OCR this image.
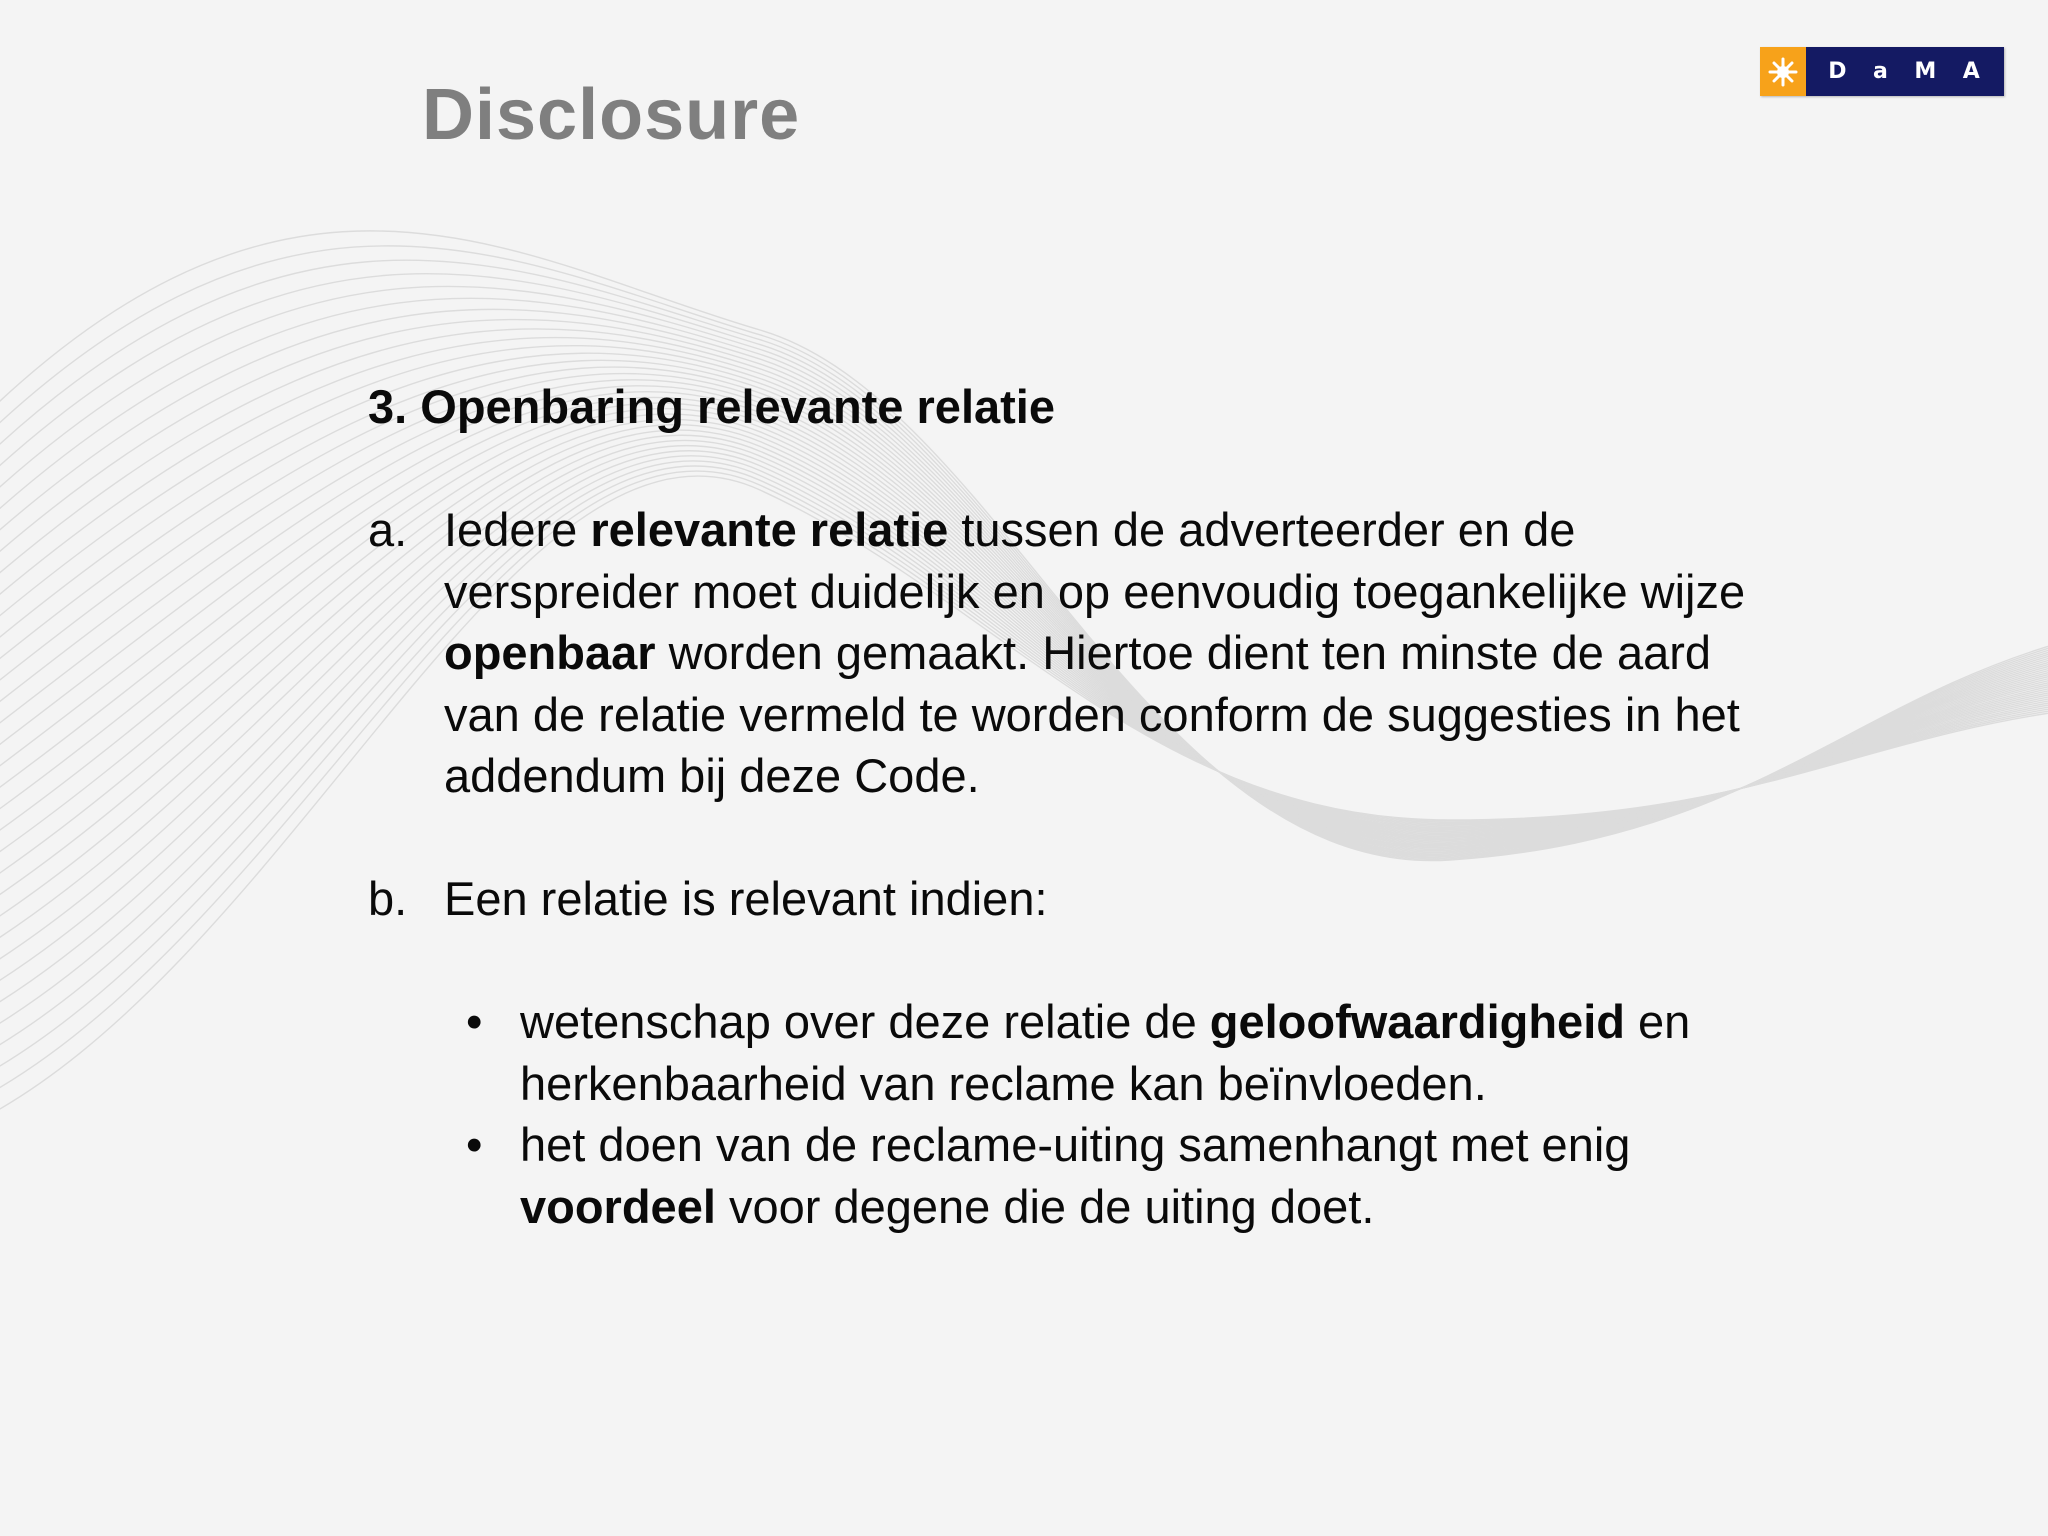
Disclosure
D a M A

3. Openbaring relevante relatie

a. Iedere relevante relatie tussen de adverteerder en de verspreider moet duidelijk en op eenvoudig toegankelijke wijze openbaar worden gemaakt. Hiertoe dient ten minste de aard van de relatie vermeld te worden conform de suggesties in het addendum bij deze Code.
b. Een relatie is relevant indien:
• wetenschap over deze relatie de geloofwaardigheid en herkenbaarheid van reclame kan beïnvloeden.
• het doen van de reclame-uiting samenhangt met enig voordeel voor degene die de uiting doet.
